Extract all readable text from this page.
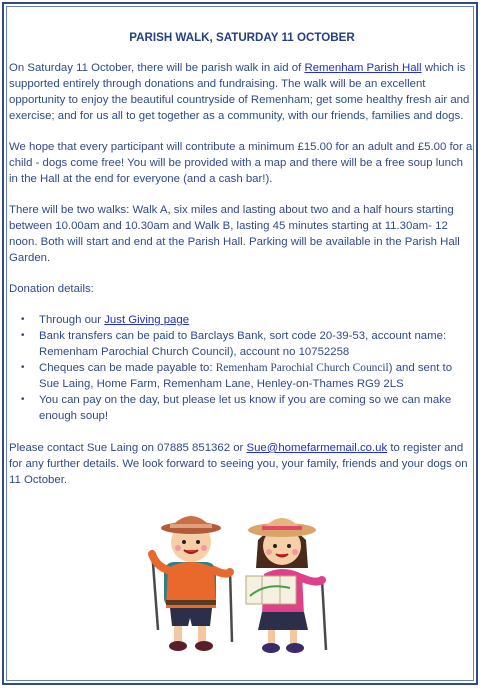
PARISH WALK, SATURDAY 11 OCTOBER

On Saturday 11 October, there will be parish walk in aid of Remenham Parish Hall which is supported entirely through donations and fundraising. The walk will be an excellent opportunity to enjoy the beautiful countryside of Remenham; get some healthy fresh air and exercise; and for us all to get together as a community, with our friends, families and dogs.

We hope that every participant will contribute a minimum £15.00 for an adult and £5.00 for a child - dogs come free! You will be provided with a map and there will be a free soup lunch in the Hall at the end for everyone (and a cash bar!).

There will be two walks: Walk A, six miles and lasting about two and a half hours starting between 10.00am and 10.30am and Walk B, lasting 45 minutes starting at 11.30am- 12 noon. Both will start and end at the Parish Hall. Parking will be available in the Parish Hall Garden.

Donation details:

• Through our Just Giving page
• Bank transfers can be paid to Barclays Bank, sort code 20-39-53, account name: Remenham Parochial Church Council), account no 10752258
• Cheques can be made payable to: Remenham Parochial Church Council) and sent to Sue Laing, Home Farm, Remenham Lane, Henley-on-Thames RG9 2LS
• You can pay on the day, but please let us know if you are coming so we can make enough soup!

Please contact Sue Laing on 07885 851362 or Sue@homefarmemail.co.uk to register and for any further details. We look forward to seeing you, your family, friends and your dogs on 11 October.
